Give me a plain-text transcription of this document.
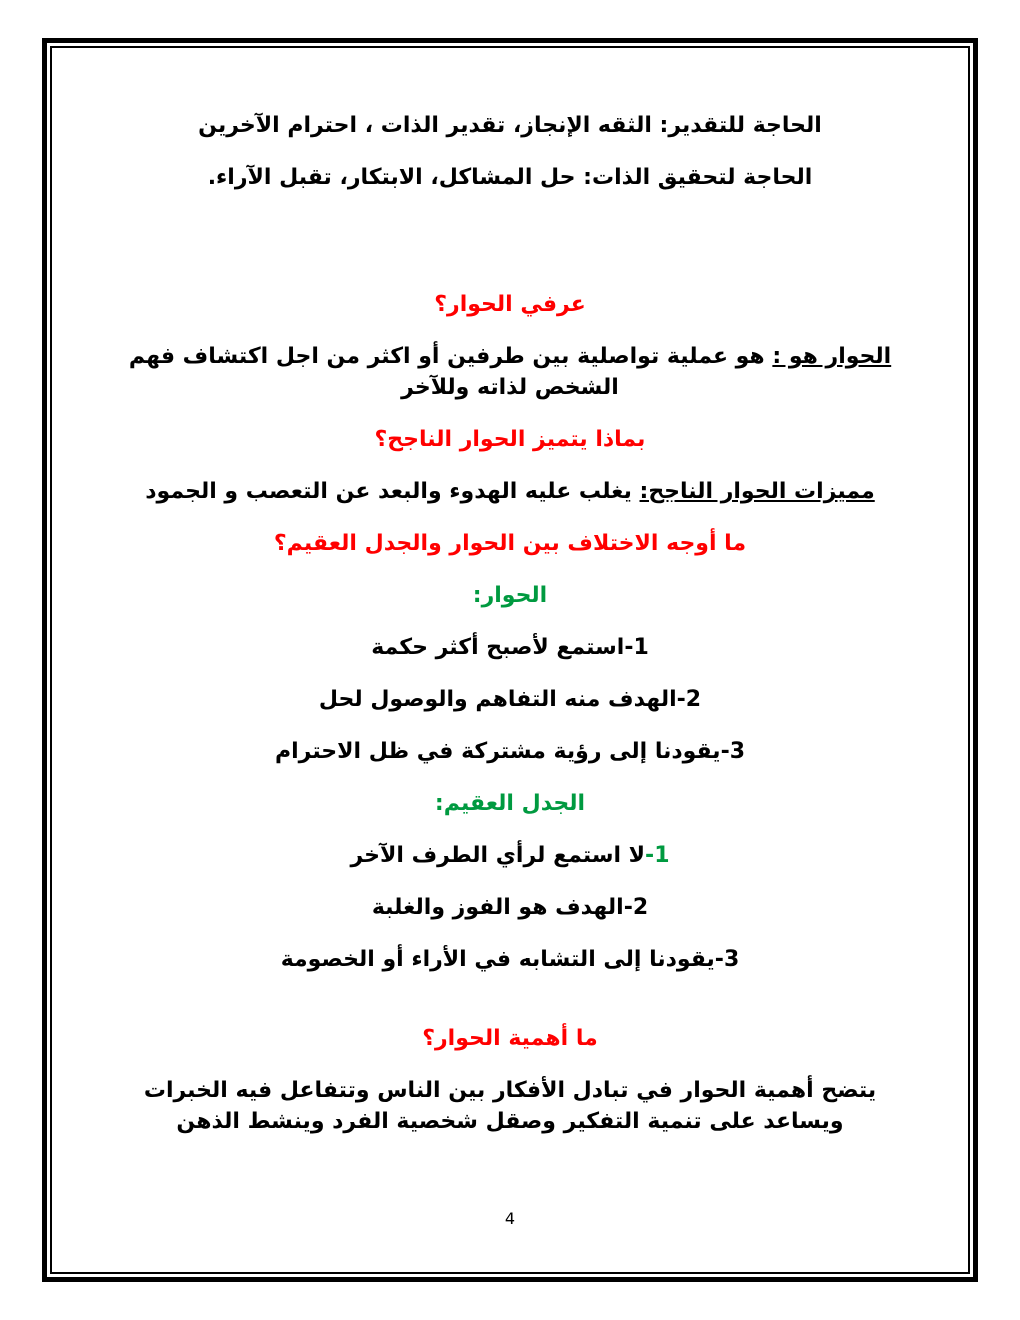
الحاجة للتقدير: الثقه الإنجاز، تقدير الذات ، احترام الآخرين

الحاجة لتحقيق الذات: حل المشاكل، الابتكار، تقبل الآراء.

عرفي الحوار؟

الحوار هو : هو عملية تواصلية بين طرفين أو اكثر من اجل اكتشاف فهم الشخص لذاته وللآخر

بماذا يتميز الحوار الناجح؟

مميزات الحوار الناجح: يغلب عليه الهدوء والبعد عن التعصب و الجمود

ما أوجه الاختلاف بين الحوار والجدل العقيم؟

الحوار:

1-استمع لأصبح أكثر حكمة

2-الهدف منه التفاهم والوصول لحل

3-يقودنا إلى رؤية مشتركة في ظل الاحترام

الجدل العقيم:

1-لا استمع لرأي الطرف الآخر

2-الهدف هو الفوز والغلبة

3-يقودنا إلى التشابه في الأراء أو الخصومة

ما أهمية الحوار؟

يتضح أهمية الحوار في تبادل الأفكار بين الناس وتتفاعل فيه الخبرات ويساعد على تنمية التفكير وصقل شخصية الفرد وينشط الذهن

4
